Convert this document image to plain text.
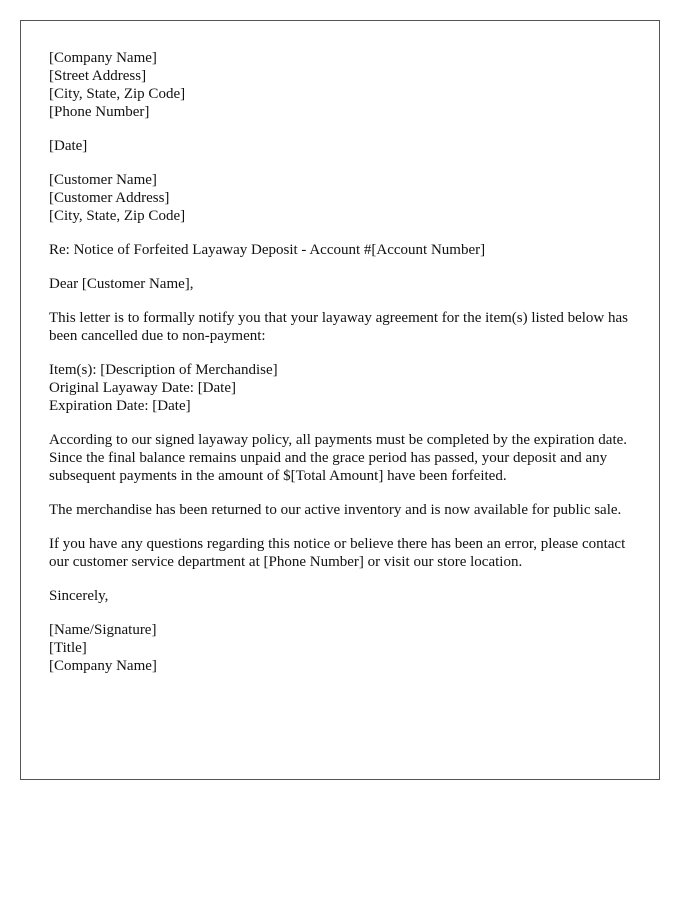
[Company Name]
[Street Address]
[City, State, Zip Code]
[Phone Number]
[Date]
[Customer Name]
[Customer Address]
[City, State, Zip Code]
Re: Notice of Forfeited Layaway Deposit - Account #[Account Number]
Dear [Customer Name],

This letter is to formally notify you that your layaway agreement for the item(s) listed below has been cancelled due to non-payment:

Item(s): [Description of Merchandise]
Original Layaway Date: [Date]
Expiration Date: [Date]

According to our signed layaway policy, all payments must be completed by the expiration date. Since the final balance remains unpaid and the grace period has passed, your deposit and any subsequent payments in the amount of $[Total Amount] have been forfeited.

The merchandise has been returned to our active inventory and is now available for public sale.

If you have any questions regarding this notice or believe there has been an error, please contact our customer service department at [Phone Number] or visit our store location.

Sincerely,
[Name/Signature]
[Title]
[Company Name]
